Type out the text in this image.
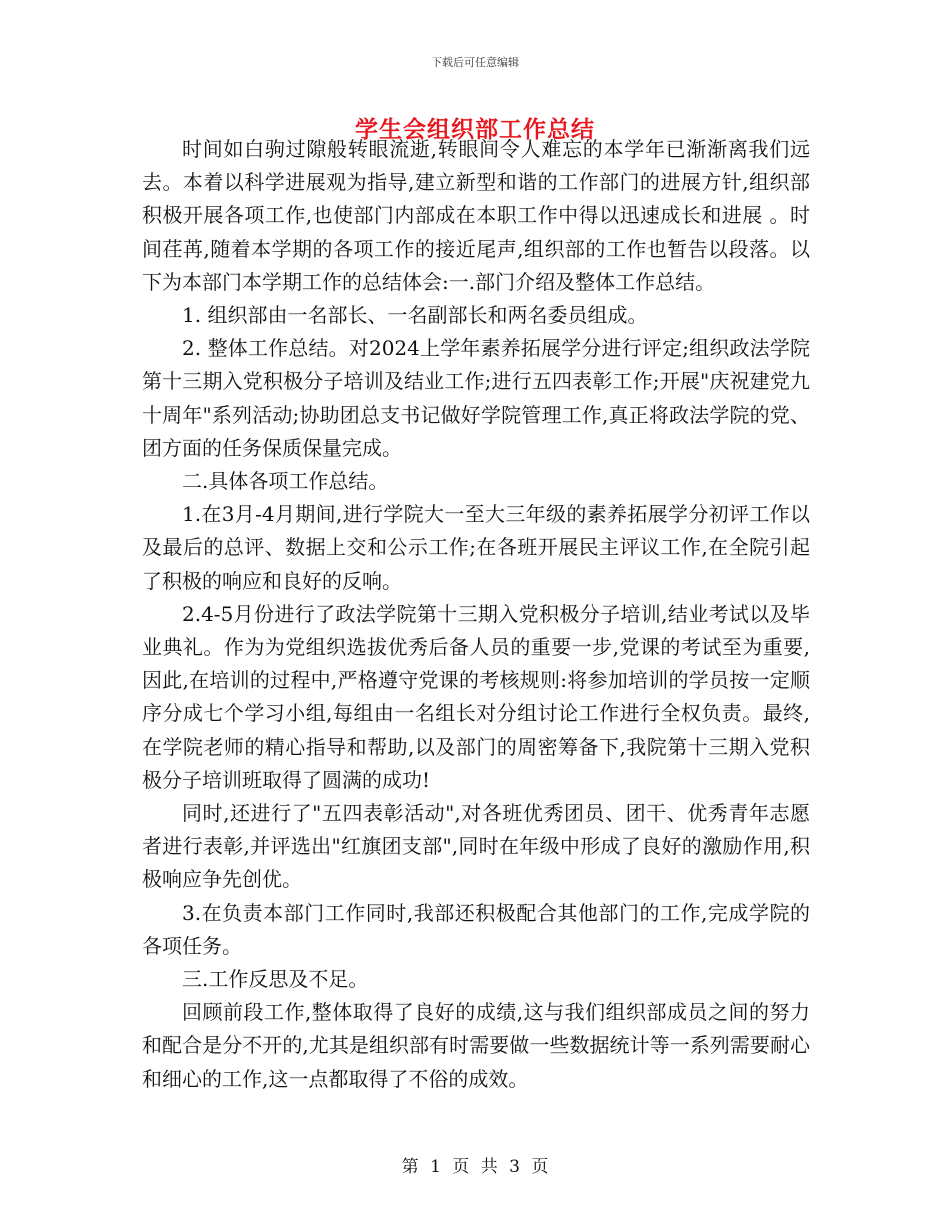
下载后可任意编辑
学生会组织部工作总结

时间如白驹过隙般转眼流逝,转眼间令人难忘的本学年已渐渐离我们远去。本着以科学进展观为指导,建立新型和谐的工作部门的进展方针,组织部积极开展各项工作,也使部门内部成在本职工作中得以迅速成长和进展 。时间荏苒,随着本学期的各项工作的接近尾声,组织部的工作也暂告以段落。以下为本部门本学期工作的总结体会:一.部门介绍及整体工作总结。

1. 组织部由一名部长、一名副部长和两名委员组成。

2. 整体工作总结。对2024上学年素养拓展学分进行评定;组织政法学院第十三期入党积极分子培训及结业工作;进行五四表彰工作;开展"庆祝建党九十周年"系列活动;协助团总支书记做好学院管理工作,真正将政法学院的党、团方面的任务保质保量完成。

二.具体各项工作总结。

1.在3月-4月期间,进行学院大一至大三年级的素养拓展学分初评工作以及最后的总评、数据上交和公示工作;在各班开展民主评议工作,在全院引起了积极的响应和良好的反响。

2.4-5月份进行了政法学院第十三期入党积极分子培训,结业考试以及毕业典礼。作为为党组织选拔优秀后备人员的重要一步,党课的考试至为重要,因此,在培训的过程中,严格遵守党课的考核规则:将参加培训的学员按一定顺序分成七个学习小组,每组由一名组长对分组讨论工作进行全权负责。最终,在学院老师的精心指导和帮助,以及部门的周密筹备下,我院第十三期入党积极分子培训班取得了圆满的成功!

同时,还进行了"五四表彰活动",对各班优秀团员、团干、优秀青年志愿者进行表彰,并评选出"红旗团支部",同时在年级中形成了良好的激励作用,积极响应争先创优。

3.在负责本部门工作同时,我部还积极配合其他部门的工作,完成学院的各项任务。

三.工作反思及不足。

回顾前段工作,整体取得了良好的成绩,这与我们组织部成员之间的努力和配合是分不开的,尤其是组织部有时需要做一些数据统计等一系列需要耐心和细心的工作,这一点都取得了不俗的成效。

第 1 页 共 3 页
